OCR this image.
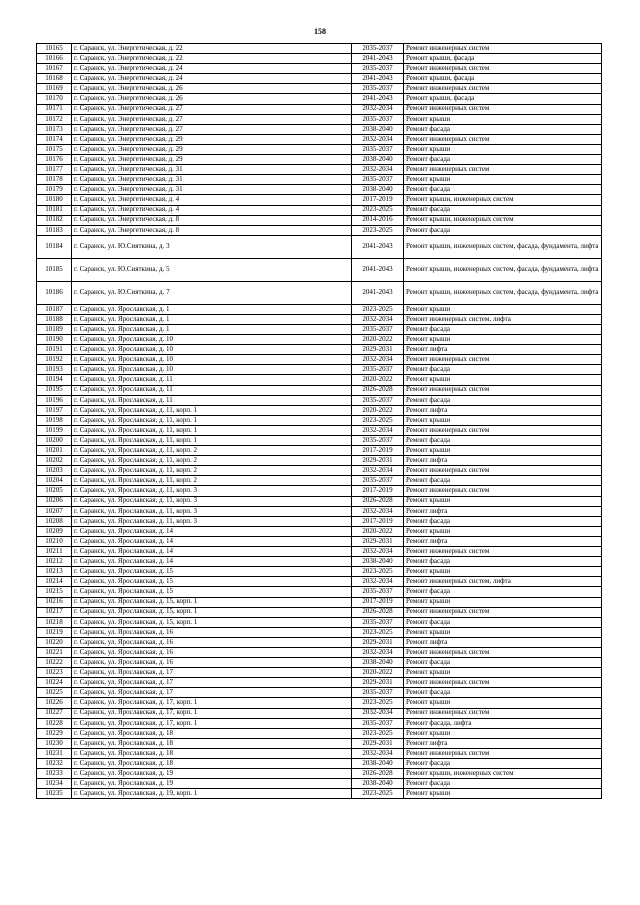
158
10165	г. Саранск, ул. Энергетическая, д. 22	2035-2037	Ремонт инженерных систем
10166	г. Саранск, ул. Энергетическая, д. 22	2041-2043	Ремонт крыши, фасада
10167	г. Саранск, ул. Энергетическая, д. 24	2035-2037	Ремонт инженерных систем
10168	г. Саранск, ул. Энергетическая, д. 24	2041-2043	Ремонт крыши, фасада
10169	г. Саранск, ул. Энергетическая, д. 26	2035-2037	Ремонт инженерных систем
10170	г. Саранск, ул. Энергетическая, д. 26	2041-2043	Ремонт крыши, фасада
10171	г. Саранск, ул. Энергетическая, д. 27	2032-2034	Ремонт инженерных систем
10172	г. Саранск, ул. Энергетическая, д. 27	2035-2037	Ремонт крыши
10173	г. Саранск, ул. Энергетическая, д. 27	2038-2040	Ремонт фасада
10174	г. Саранск, ул. Энергетическая, д. 29	2032-2034	Ремонт инженерных систем
10175	г. Саранск, ул. Энергетическая, д. 29	2035-2037	Ремонт крыши
10176	г. Саранск, ул. Энергетическая, д. 29	2038-2040	Ремонт фасада
10177	г. Саранск, ул. Энергетическая, д. 31	2032-2034	Ремонт инженерных систем
10178	г. Саранск, ул. Энергетическая, д. 31	2035-2037	Ремонт крыши
10179	г. Саранск, ул. Энергетическая, д. 31	2038-2040	Ремонт фасада
10180	г. Саранск, ул. Энергетическая, д. 4	2017-2019	Ремонт крыши, инженерных систем
10181	г. Саранск, ул. Энергетическая, д. 4	2023-2025	Ремонт фасада
10182	г. Саранск, ул. Энергетическая, д. 8	2014-2016	Ремонт крыши, инженерных систем
10183	г. Саранск, ул. Энергетическая, д. 8	2023-2025	Ремонт фасада
10184	г. Саранск, ул. Ю.Сияткина, д. 3	2041-2043	Ремонт крыши, инженерных систем, фасада, фундамента, лифта
10185	г. Саранск, ул. Ю.Сияткина, д. 5	2041-2043	Ремонт крыши, инженерных систем, фасада, фундамента, лифта
10186	г. Саранск, ул. Ю.Сияткина, д. 7	2041-2043	Ремонт крыши, инженерных систем, фасада, фундамента, лифта
10187	г. Саранск, ул. Ярославская, д. 1	2023-2025	Ремонт крыши
10188	г. Саранск, ул. Ярославская, д. 1	2032-2034	Ремонт инженерных систем, лифта
10189	г. Саранск, ул. Ярославская, д. 1	2035-2037	Ремонт фасада
10190	г. Саранск, ул. Ярославская, д. 10	2020-2022	Ремонт крыши
10191	г. Саранск, ул. Ярославская, д. 10	2029-2031	Ремонт лифта
10192	г. Саранск, ул. Ярославская, д. 10	2032-2034	Ремонт инженерных систем
10193	г. Саранск, ул. Ярославская, д. 10	2035-2037	Ремонт фасада
10194	г. Саранск, ул. Ярославская, д. 11	2020-2022	Ремонт крыши
10195	г. Саранск, ул. Ярославская, д. 11	2026-2028	Ремонт инженерных систем
10196	г. Саранск, ул. Ярославская, д. 11	2035-2037	Ремонт фасада
10197	г. Саранск, ул. Ярославская, д. 11, корп. 1	2020-2022	Ремонт лифта
10198	г. Саранск, ул. Ярославская, д. 11, корп. 1	2023-2025	Ремонт крыши
10199	г. Саранск, ул. Ярославская, д. 11, корп. 1	2032-2034	Ремонт инженерных систем
10200	г. Саранск, ул. Ярославская, д. 11, корп. 1	2035-2037	Ремонт фасада
10201	г. Саранск, ул. Ярославская, д. 11, корп. 2	2017-2019	Ремонт крыши
10202	г. Саранск, ул. Ярославская, д. 11, корп. 2	2029-2031	Ремонт лифта
10203	г. Саранск, ул. Ярославская, д. 11, корп. 2	2032-2034	Ремонт инженерных систем
10204	г. Саранск, ул. Ярославская, д. 11, корп. 2	2035-2037	Ремонт фасада
10205	г. Саранск, ул. Ярославская, д. 11, корп. 3	2017-2019	Ремонт инженерных систем
10206	г. Саранск, ул. Ярославская, д. 11, корп. 3	2026-2028	Ремонт крыши
10207	г. Саранск, ул. Ярославская, д. 11, корп. 3	2032-2034	Ремонт лифта
10208	г. Саранск, ул. Ярославская, д. 11, корп. 3	2017-2019	Ремонт фасада
10209	г. Саранск, ул. Ярославская, д. 14	2020-2022	Ремонт крыши
10210	г. Саранск, ул. Ярославская, д. 14	2029-2031	Ремонт лифта
10211	г. Саранск, ул. Ярославская, д. 14	2032-2034	Ремонт инженерных систем
10212	г. Саранск, ул. Ярославская, д. 14	2038-2040	Ремонт фасада
10213	г. Саранск, ул. Ярославская, д. 15	2023-2025	Ремонт крыши
10214	г. Саранск, ул. Ярославская, д. 15	2032-2034	Ремонт инженерных систем, лифта
10215	г. Саранск, ул. Ярославская, д. 15	2035-2037	Ремонт фасада
10216	г. Саранск, ул. Ярославская, д. 15, корп. 1	2017-2019	Ремонт крыши
10217	г. Саранск, ул. Ярославская, д. 15, корп. 1	2026-2028	Ремонт инженерных систем
10218	г. Саранск, ул. Ярославская, д. 15, корп. 1	2035-2037	Ремонт фасада
10219	г. Саранск, ул. Ярославская, д. 16	2023-2025	Ремонт крыши
10220	г. Саранск, ул. Ярославская, д. 16	2029-2031	Ремонт лифта
10221	г. Саранск, ул. Ярославская, д. 16	2032-2034	Ремонт инженерных систем
10222	г. Саранск, ул. Ярославская, д. 16	2038-2040	Ремонт фасада
10223	г. Саранск, ул. Ярославская, д. 17	2020-2022	Ремонт крыши
10224	г. Саранск, ул. Ярославская, д. 17	2029-2031	Ремонт инженерных систем
10225	г. Саранск, ул. Ярославская, д. 17	2035-2037	Ремонт фасада
10226	г. Саранск, ул. Ярославская, д. 17, корп. 1	2023-2025	Ремонт крыши
10227	г. Саранск, ул. Ярославская, д. 17, корп. 1	2032-2034	Ремонт инженерных систем
10228	г. Саранск, ул. Ярославская, д. 17, корп. 1	2035-2037	Ремонт фасада, лифта
10229	г. Саранск, ул. Ярославская, д. 18	2023-2025	Ремонт крыши
10230	г. Саранск, ул. Ярославская, д. 18	2029-2031	Ремонт лифта
10231	г. Саранск, ул. Ярославская, д. 18	2032-2034	Ремонт инженерных систем
10232	г. Саранск, ул. Ярославская, д. 18	2038-2040	Ремонт фасада
10233	г. Саранск, ул. Ярославская, д. 19	2026-2028	Ремонт крыши, инженерных систем
10234	г. Саранск, ул. Ярославская, д. 19	2038-2040	Ремонт фасада
10235	г. Саранск, ул. Ярославская, д. 19, корп. 1	2023-2025	Ремонт крыши
